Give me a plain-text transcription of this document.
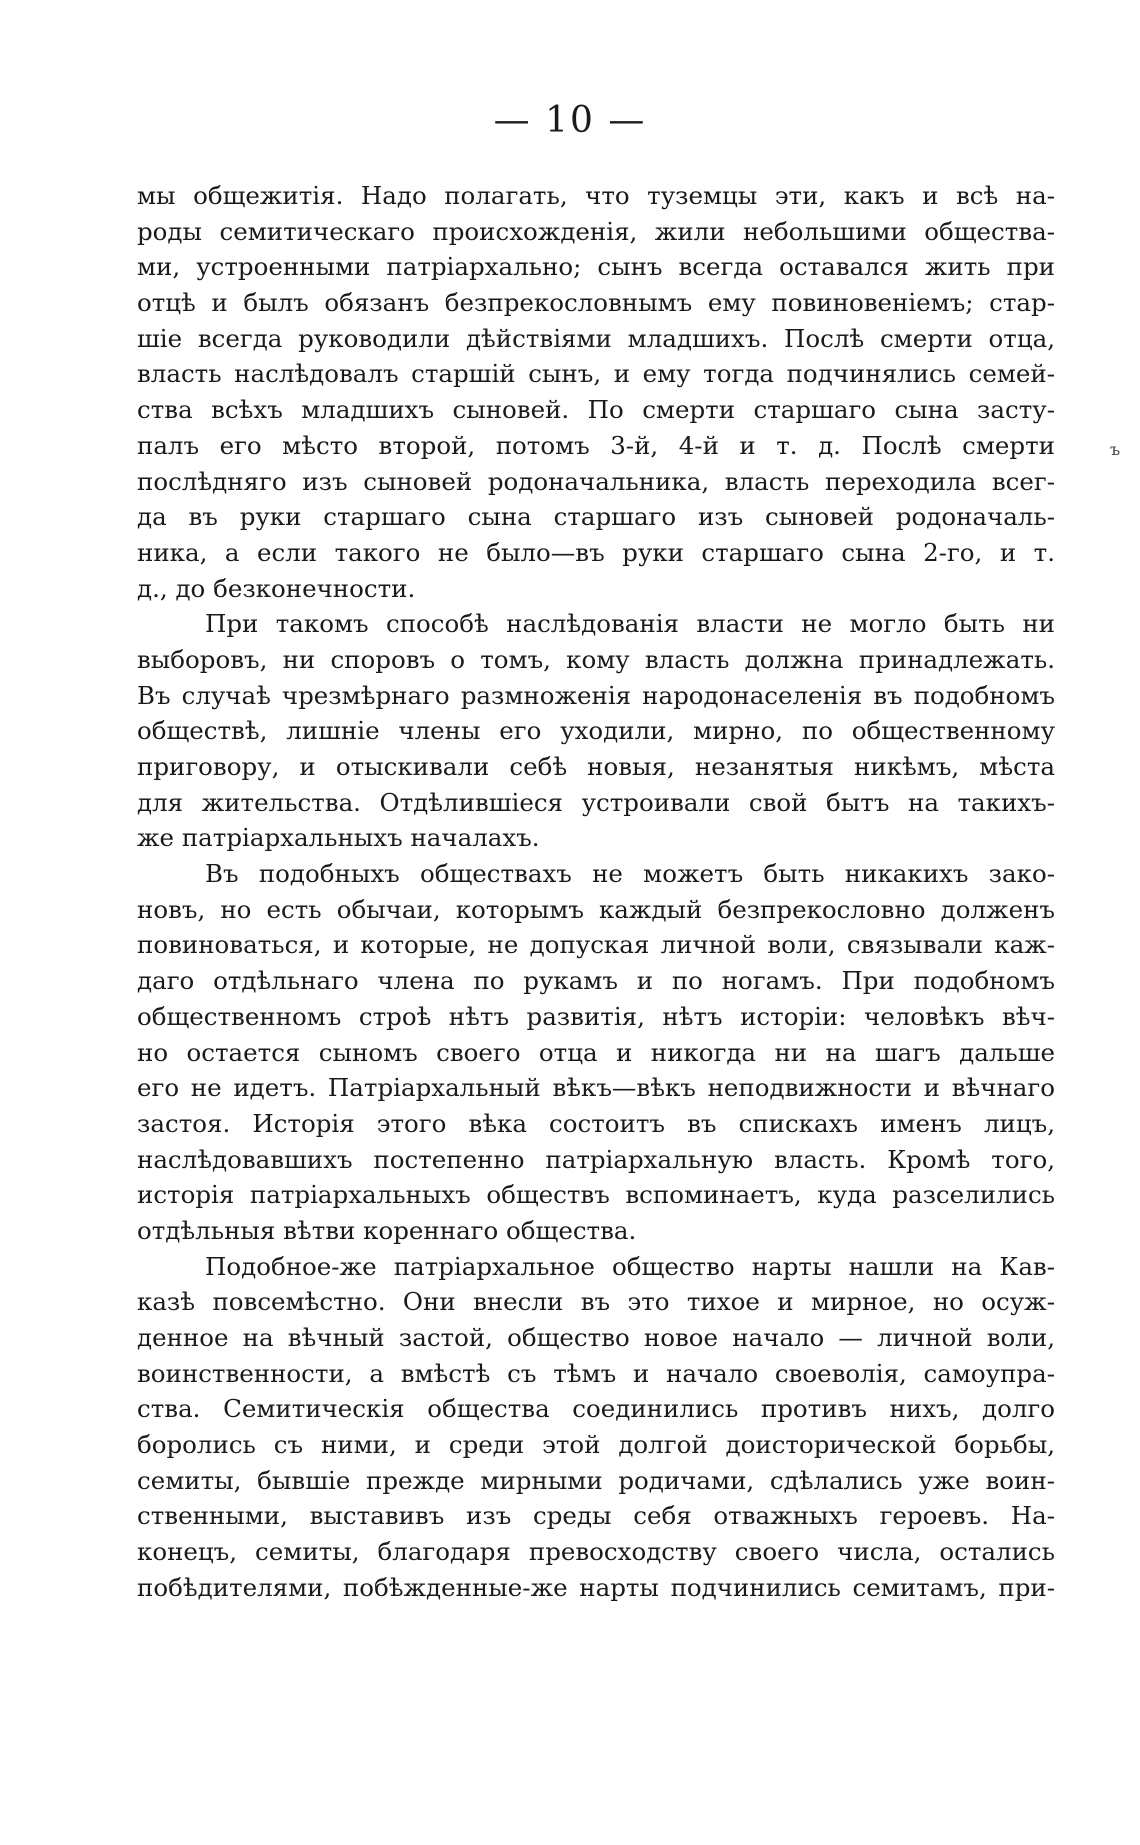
— 10 —
ъ
мы общежитія. Надо полагать, что туземцы эти, какъ и всѣ на-
роды семитическаго происхожденія, жили небольшими общества-
ми, устроенными патріархально; сынъ всегда оставался жить при
отцѣ и былъ обязанъ безпрекословнымъ ему повиновеніемъ; стар-
шіе всегда руководили дѣйствіями младшихъ. Послѣ смерти отца,
власть наслѣдовалъ старшій сынъ, и ему тогда подчинялись семей-
ства всѣхъ младшихъ сыновей. По смерти старшаго сына засту-
палъ его мѣсто второй, потомъ 3-й, 4-й и т. д. Послѣ смерти
послѣдняго изъ сыновей родоначальника, власть переходила всег-
да въ руки старшаго сына старшаго изъ сыновей родоначаль-
ника, а если такого не было—въ руки старшаго сына 2-го, и т.
д., до безконечности.
При такомъ способѣ наслѣдованія власти не могло быть ни
выборовъ, ни споровъ о томъ, кому власть должна принадлежать.
Въ случаѣ чрезмѣрнаго размноженія народонаселенія въ подобномъ
обществѣ, лишніе члены его уходили, мирно, по общественному
приговору, и отыскивали себѣ новыя, незанятыя никѣмъ, мѣста
для жительства. Отдѣлившіеся устроивали свой бытъ на такихъ-
же патріархальныхъ началахъ.
Въ подобныхъ обществахъ не можетъ быть никакихъ зако-
новъ, но есть обычаи, которымъ каждый безпрекословно долженъ
повиноваться, и которые, не допуская личной воли, связывали каж-
даго отдѣльнаго члена по рукамъ и по ногамъ. При подобномъ
общественномъ строѣ нѣтъ развитія, нѣтъ исторіи: человѣкъ вѣч-
но остается сыномъ своего отца и никогда ни на шагъ дальше
его не идетъ. Патріархальный вѣкъ—вѣкъ неподвижности и вѣчнаго
застоя. Исторія этого вѣка состоитъ въ спискахъ именъ лицъ,
наслѣдовавшихъ постепенно патріархальную власть. Кромѣ того,
исторія патріархальныхъ обществъ вспоминаетъ, куда разселились
отдѣльныя вѣтви кореннаго общества.
Подобное-же патріархальное общество нарты нашли на Кав-
казѣ повсемѣстно. Они внесли въ это тихое и мирное, но осуж-
денное на вѣчный застой, общество новое начало — личной воли,
воинственности, а вмѣстѣ съ тѣмъ и начало своеволія, самоупра-
ства. Семитическія общества соединились противъ нихъ, долго
боролись съ ними, и среди этой долгой доисторической борьбы,
семиты, бывшіе прежде мирными родичами, сдѣлались уже воин-
ственными, выставивъ изъ среды себя отважныхъ героевъ. На-
конецъ, семиты, благодаря превосходству своего числа, остались
побѣдителями, побѣжденные-же нарты подчинились семитамъ, при-
